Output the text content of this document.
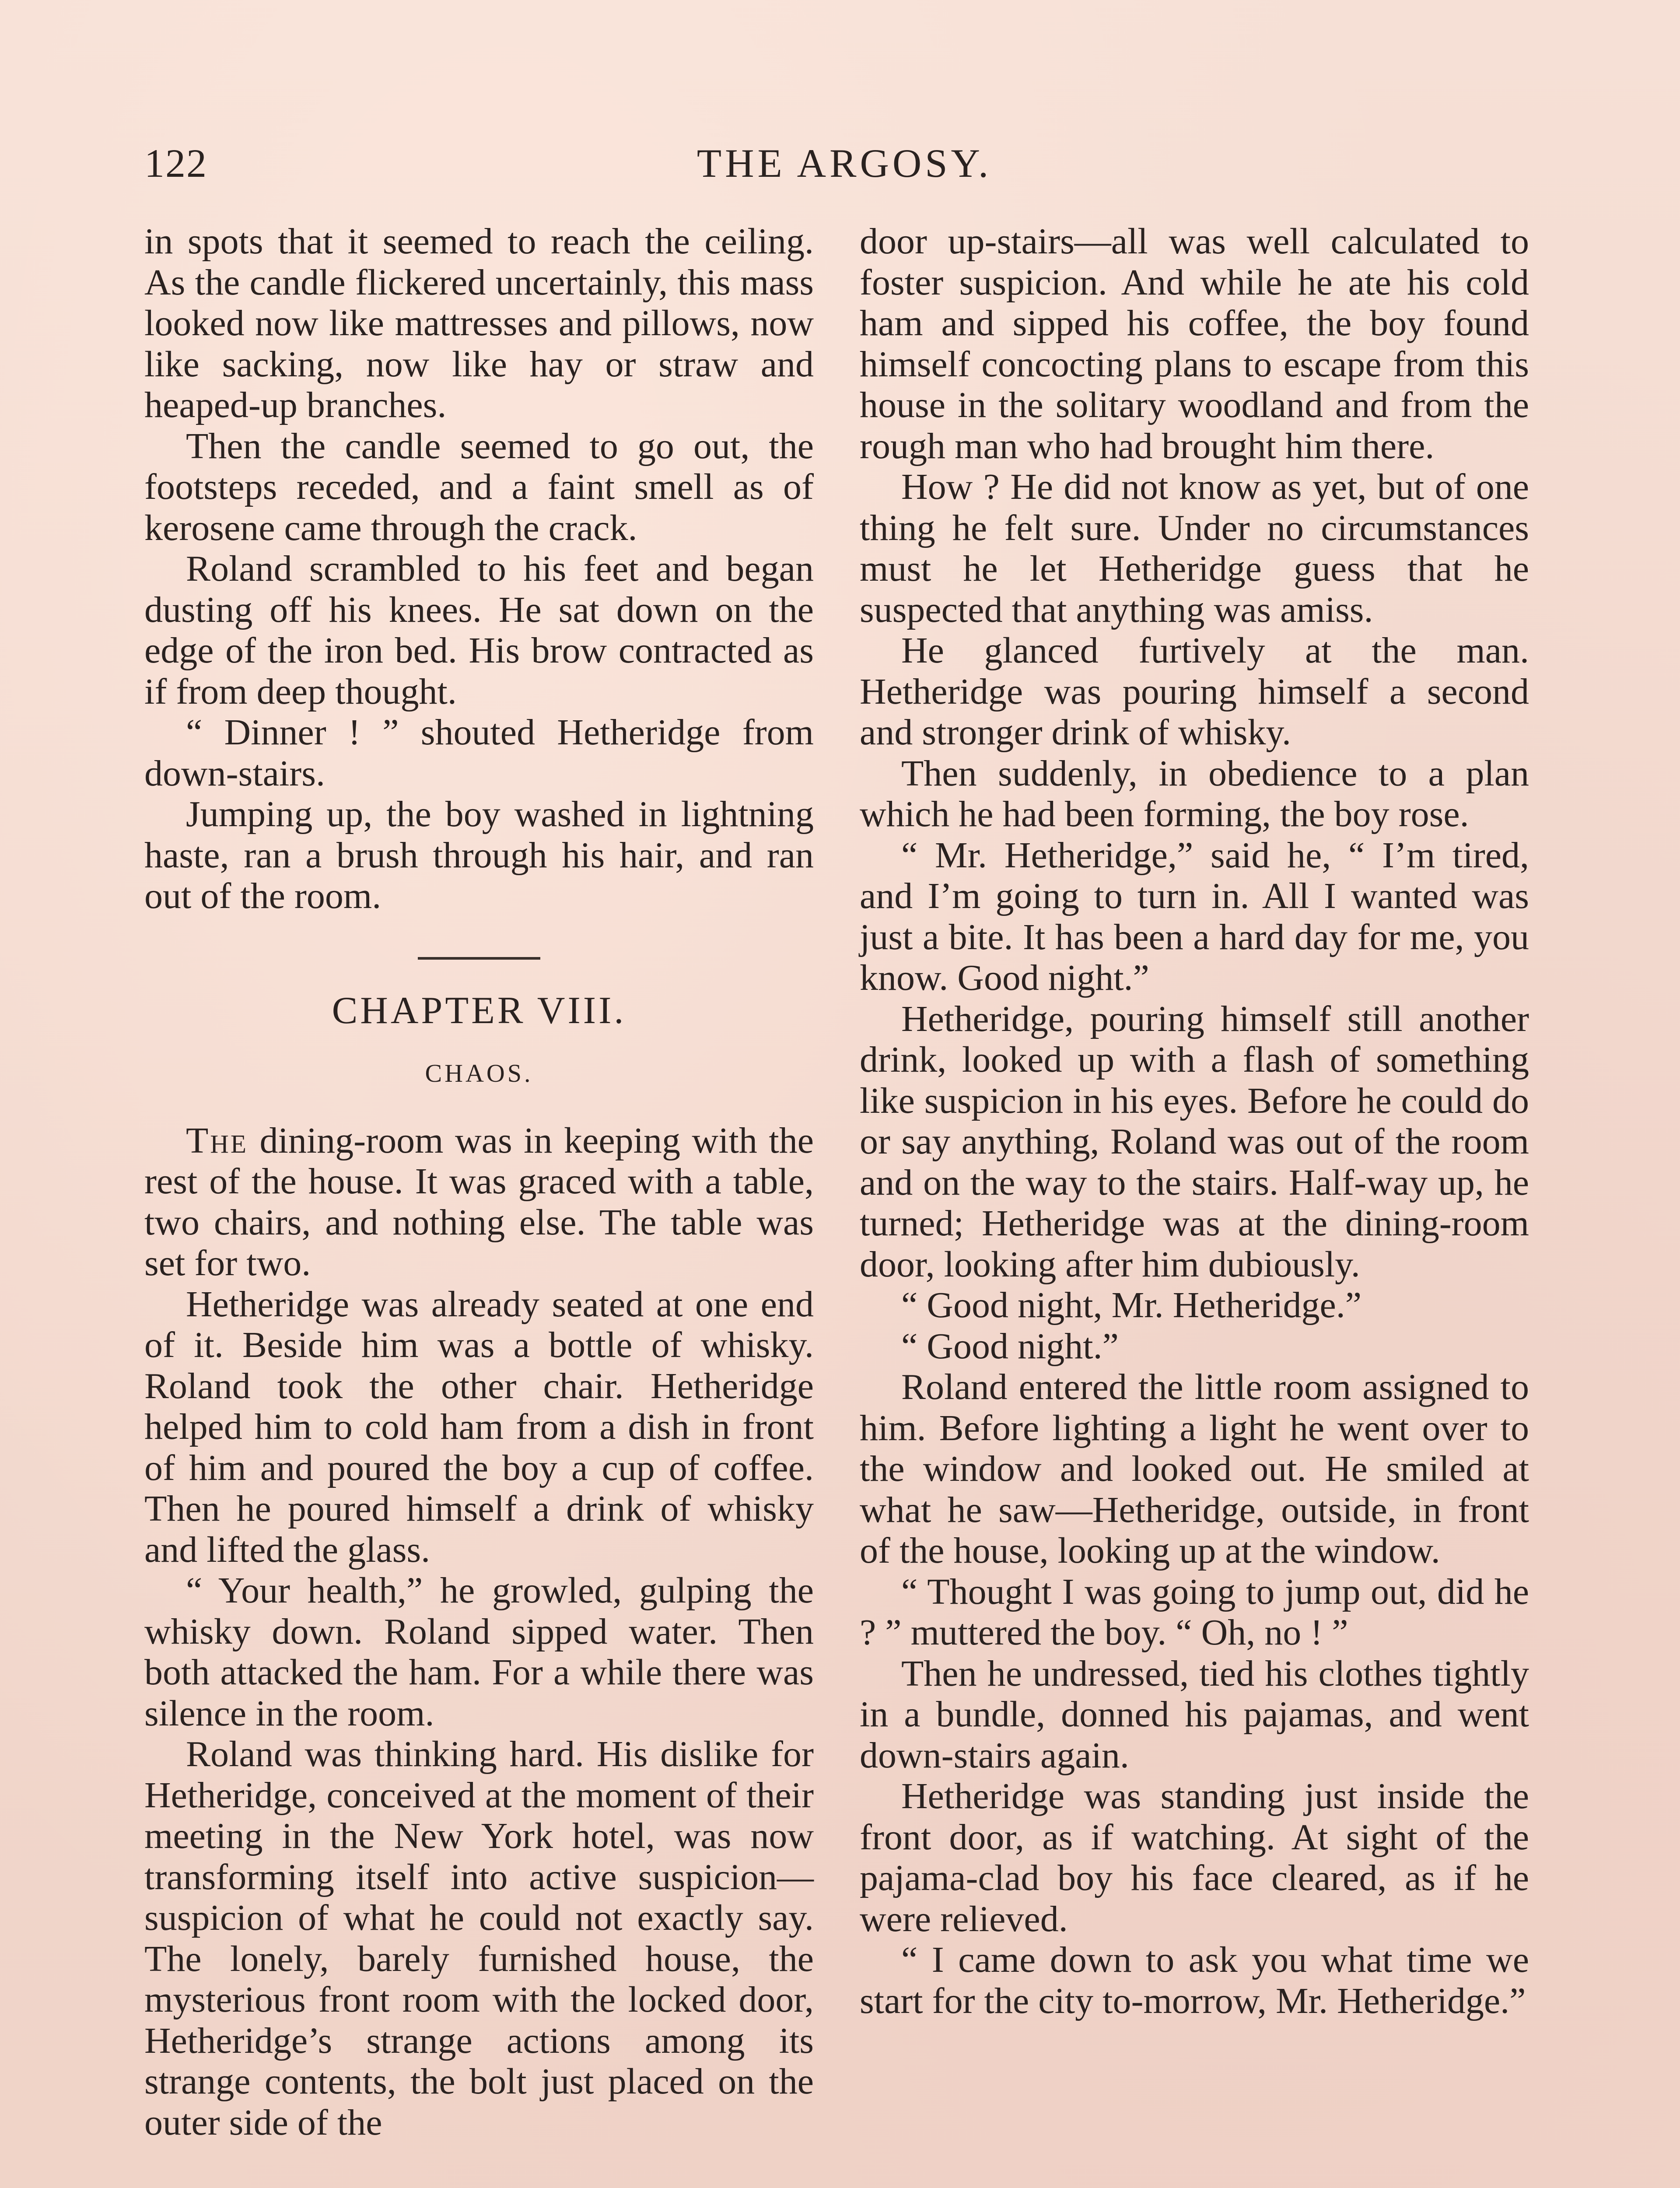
122	THE ARGOSY.

in spots that it seemed to reach the ceiling. As the candle flickered uncertainly, this mass looked now like mattresses and pillows, now like sacking, now like hay or straw and heaped-up branches.

Then the candle seemed to go out, the footsteps receded, and a faint smell as of kerosene came through the crack.

Roland scrambled to his feet and began dusting off his knees. He sat down on the edge of the iron bed. His brow contracted as if from deep thought.

“ Dinner ! ” shouted Hetheridge from down-stairs.

Jumping up, the boy washed in lightning haste, ran a brush through his hair, and ran out of the room.

CHAPTER VIII.
CHAOS.

The dining-room was in keeping with the rest of the house. It was graced with a table, two chairs, and nothing else. The table was set for two.

Hetheridge was already seated at one end of it. Beside him was a bottle of whisky. Roland took the other chair. Hetheridge helped him to cold ham from a dish in front of him and poured the boy a cup of coffee. Then he poured himself a drink of whisky and lifted the glass.

“ Your health,” he growled, gulping the whisky down. Roland sipped water. Then both attacked the ham. For a while there was silence in the room.

Roland was thinking hard. His dislike for Hetheridge, conceived at the moment of their meeting in the New York hotel, was now transforming itself into active suspicion—suspicion of what he could not exactly say. The lonely, barely furnished house, the mysterious front room with the locked door, Hetheridge’s strange actions among its strange contents, the bolt just placed on the outer side of the

door up-stairs—all was well calculated to foster suspicion. And while he ate his cold ham and sipped his coffee, the boy found himself concocting plans to escape from this house in the solitary woodland and from the rough man who had brought him there.

How ? He did not know as yet, but of one thing he felt sure. Under no circumstances must he let Hetheridge guess that he suspected that anything was amiss.

He glanced furtively at the man. Hetheridge was pouring himself a second and stronger drink of whisky.

Then suddenly, in obedience to a plan which he had been forming, the boy rose.

“ Mr. Hetheridge,” said he, “ I’m tired, and I’m going to turn in. All I wanted was just a bite. It has been a hard day for me, you know. Good night.”

Hetheridge, pouring himself still another drink, looked up with a flash of something like suspicion in his eyes. Before he could do or say anything, Roland was out of the room and on the way to the stairs. Half-way up, he turned; Hetheridge was at the dining-room door, looking after him dubiously.

“ Good night, Mr. Hetheridge.”

“ Good night.”

Roland entered the little room assigned to him. Before lighting a light he went over to the window and looked out. He smiled at what he saw—Hetheridge, outside, in front of the house, looking up at the window.

“ Thought I was going to jump out, did he ? ” muttered the boy. “ Oh, no ! ”

Then he undressed, tied his clothes tightly in a bundle, donned his pajamas, and went down-stairs again.

Hetheridge was standing just inside the front door, as if watching. At sight of the pajama-clad boy his face cleared, as if he were relieved.

“ I came down to ask you what time we start for the city to-morrow, Mr. Hetheridge.”
